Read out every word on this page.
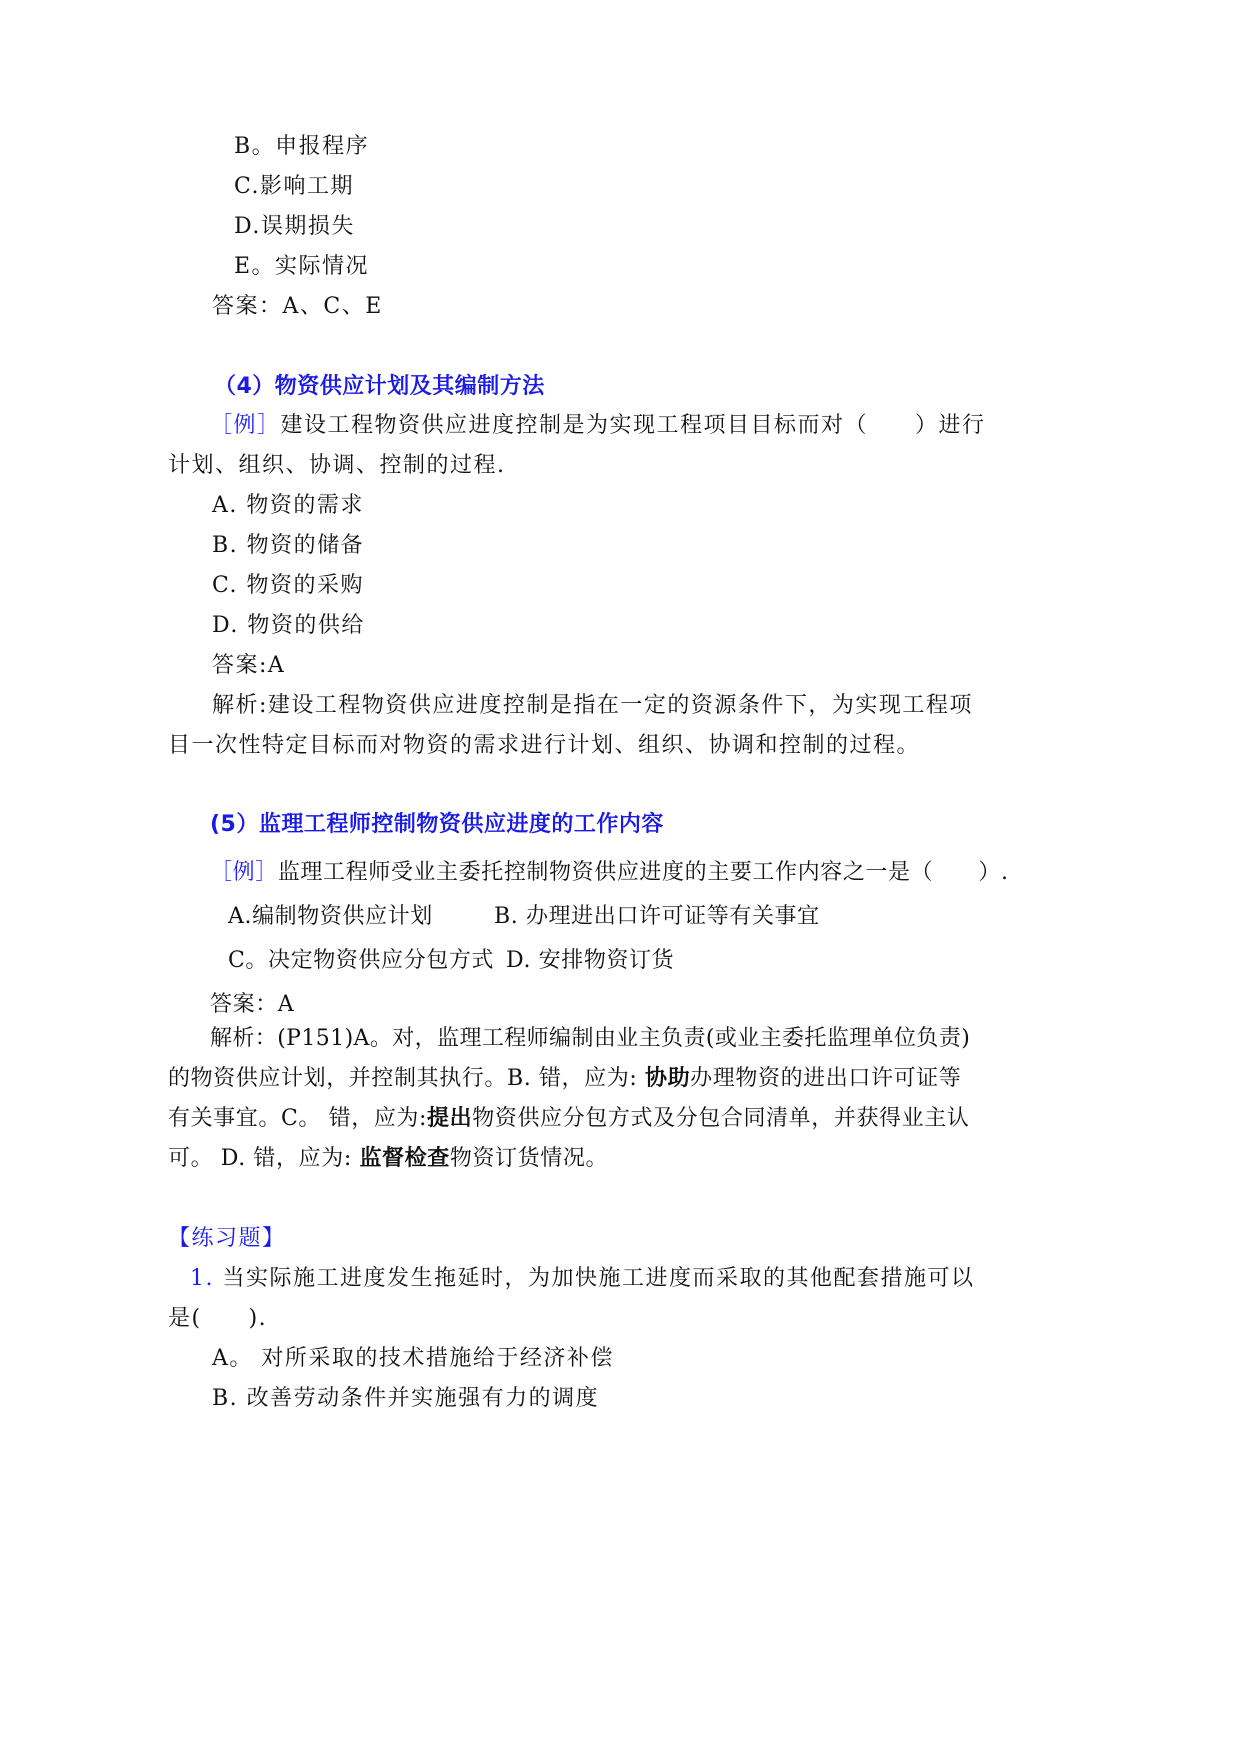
B。申报程序
C.影响工期
D.误期损失
E。实际情况
答案：A、C、E
（4）物资供应计划及其编制方法
［例］建设工程物资供应进度控制是为实现工程项目目标而对（　　）进行
计划、组织、协调、控制的过程.
A. 物资的需求
B. 物资的储备
C. 物资的采购
D. 物资的供给
答案:A
解析:建设工程物资供应进度控制是指在一定的资源条件下，为实现工程项
目一次性特定目标而对物资的需求进行计划、组织、协调和控制的过程。
(5）监理工程师控制物资供应进度的工作内容
［例］监理工程师受业主委托控制物资供应进度的主要工作内容之一是（　　）.
A.编制物资供应计划	B. 办理进出口许可证等有关事宜
C。决定物资供应分包方式 D. 安排物资订货
答案：A
解析：(P151)A。对，监理工程师编制由业主负责(或业主委托监理单位负责)
的物资供应计划，并控制其执行。B. 错，应为: 协助办理物资的进出口许可证等
有关事宜。C。 错，应为:提出物资供应分包方式及分包合同清单，并获得业主认
可。 D. 错，应为: 监督检查物资订货情况。
【练习题】
1. 当实际施工进度发生拖延时，为加快施工进度而采取的其他配套措施可以
是(　　).
A。 对所采取的技术措施给于经济补偿
B. 改善劳动条件并实施强有力的调度
